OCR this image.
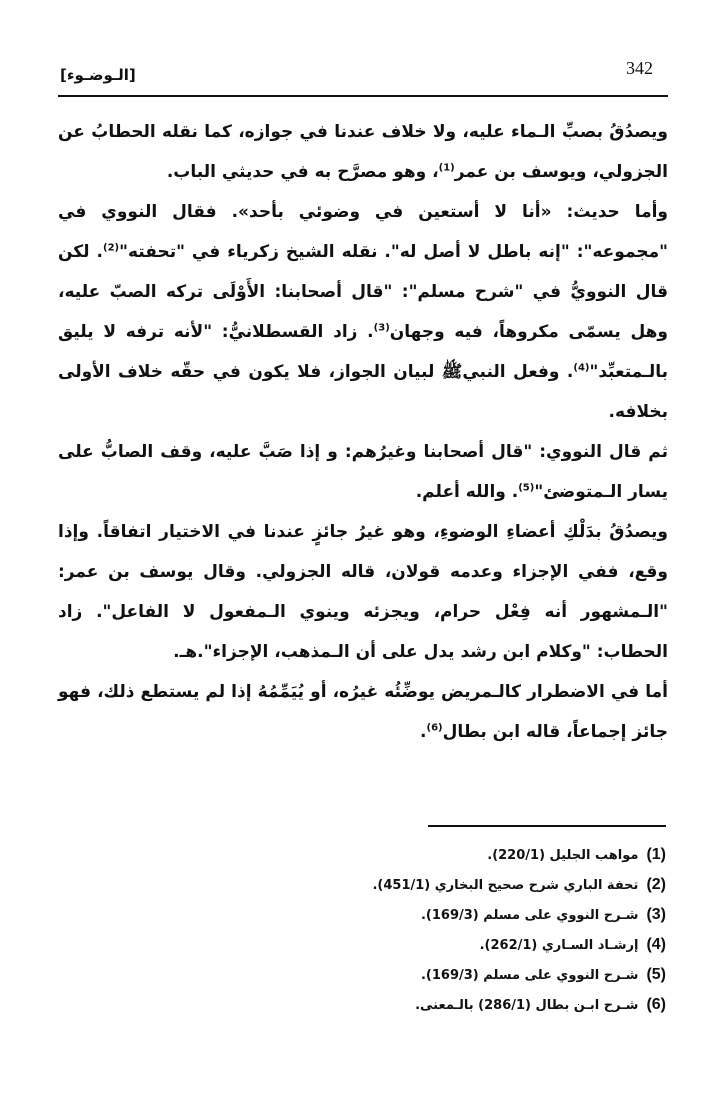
342
[الـوضـوء]

ويصدُقُ بصبِّ الـماء عليه، ولا خلاف عندنا في جوازه، كما نقله الحطابُ عن الجزولي، ويوسف بن عمر$^{(1)}$، وهو مصرَّح به في حديثي الباب.

وأما حديث: «أنا لا أستعين في وضوئي بأحد». فقال النووي في "مجموعه": "إنه باطل لا أصل له". نقله الشيخ زكرياء في "تحفته"$^{(2)}$. لكن قال النوويُّ في "شرح مسلم": "قال أصحابنا: الأَوْلَى تركه الصبّ عليه، وهل يسمّى مكروهاً، فيه وجهان$^{(3)}$. زاد القسطلانيُّ: "لأنه ترفه لا يليق بالـمتعبِّد"$^{(4)}$. وفعل النبيﷺ لبيان الجواز، فلا يكون في حقّه خلاف الأولى بخلافه.

ثم قال النووي: "قال أصحابنا وغيرُهم: و إذا صَبَّ عليه، وقف الصابُّ على يسار الـمتوضئ"$^{(5)}$. والله أعلم.

ويصدُقُ بدَلْكِ أعضاءِ الوضوءِ، وهو غيرُ جائزٍ عندنا في الاختيار اتفاقاً. وإذا وقع، ففي الإجزاء وعدمه قولان، قاله الجزولي. وقال يوسف بن عمر: "الـمشهور أنه فِعْل حرام، ويجزئه وينوي الـمفعول لا الفاعل". زاد الحطاب: "وكلام ابن رشد يدل على أن الـمذهب، الإجزاء".هـ.

أما في الاضطرار كالـمريض يوضِّئُه غيرُه، أو يُيَمِّمُهُ إذا لم يستطع ذلك، فهو جائز إجماعاً، قاله ابن بطال$^{(6)}$.

(1)مواهب الجليل (220/1).
(2)تحفة الباري شرح صحيح البخاري (451/1).
(3)شـرح النووي على مسلم (169/3).
(4)إرشـاد السـاري (262/1).
(5)شـرح النووي على مسلم (169/3).
(6)شـرح ابـن بطال (286/1) بالـمعنى.
